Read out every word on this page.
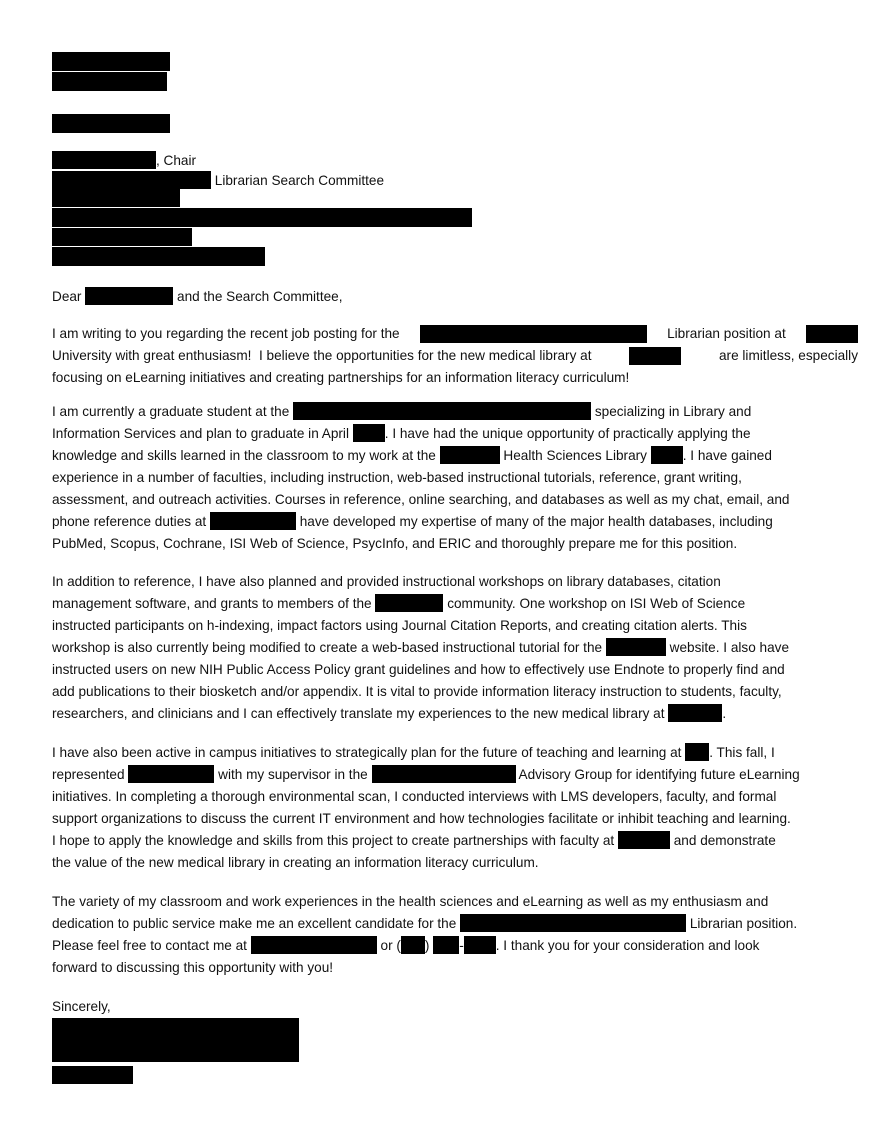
, Chair
Librarian Search Committee
Dear	and the Search Committee,
I am writing to you regarding the recent job posting for the	Librarian position at
University with great enthusiasm!  I believe the opportunities for the new medical library at	are limitless, especially
focusing on eLearning initiatives and creating partnerships for an information literacy curriculum!
I am currently a graduate student at the	specializing in Library and
Information Services and plan to graduate in April	. I have had the unique opportunity of practically applying the
knowledge and skills learned in the classroom to my work at the	Health Sciences Library	. I have gained
experience in a number of faculties, including instruction, web-based instructional tutorials, reference, grant writing,
assessment, and outreach activities. Courses in reference, online searching, and databases as well as my chat, email, and
phone reference duties at	have developed my expertise of many of the major health databases, including
PubMed, Scopus, Cochrane, ISI Web of Science, PsycInfo, and ERIC and thoroughly prepare me for this position.
In addition to reference, I have also planned and provided instructional workshops on library databases, citation
management software, and grants to members of the	community. One workshop on ISI Web of Science
instructed participants on h-indexing, impact factors using Journal Citation Reports, and creating citation alerts. This
workshop is also currently being modified to create a web-based instructional tutorial for the	website. I also have
instructed users on new NIH Public Access Policy grant guidelines and how to effectively use Endnote to properly find and
add publications to their biosketch and/or appendix. It is vital to provide information literacy instruction to students, faculty,
researchers, and clinicians and I can effectively translate my experiences to the new medical library at	.
I have also been active in campus initiatives to strategically plan for the future of teaching and learning at . This fall, I
represented	with my supervisor in the	Advisory Group for identifying future eLearning
initiatives. In completing a thorough environmental scan, I conducted interviews with LMS developers, faculty, and formal
support organizations to discuss the current IT environment and how technologies facilitate or inhibit teaching and learning.
I hope to apply the knowledge and skills from this project to create partnerships with faculty at	and demonstrate
the value of the new medical library in creating an information literacy curriculum.
The variety of my classroom and work experiences in the health sciences and eLearning as well as my enthusiasm and
dedication to public service make me an excellent candidate for the	Librarian position.
Please feel free to contact me at	or ( ) - . I thank you for your consideration and look
forward to discussing this opportunity with you!
Sincerely,
